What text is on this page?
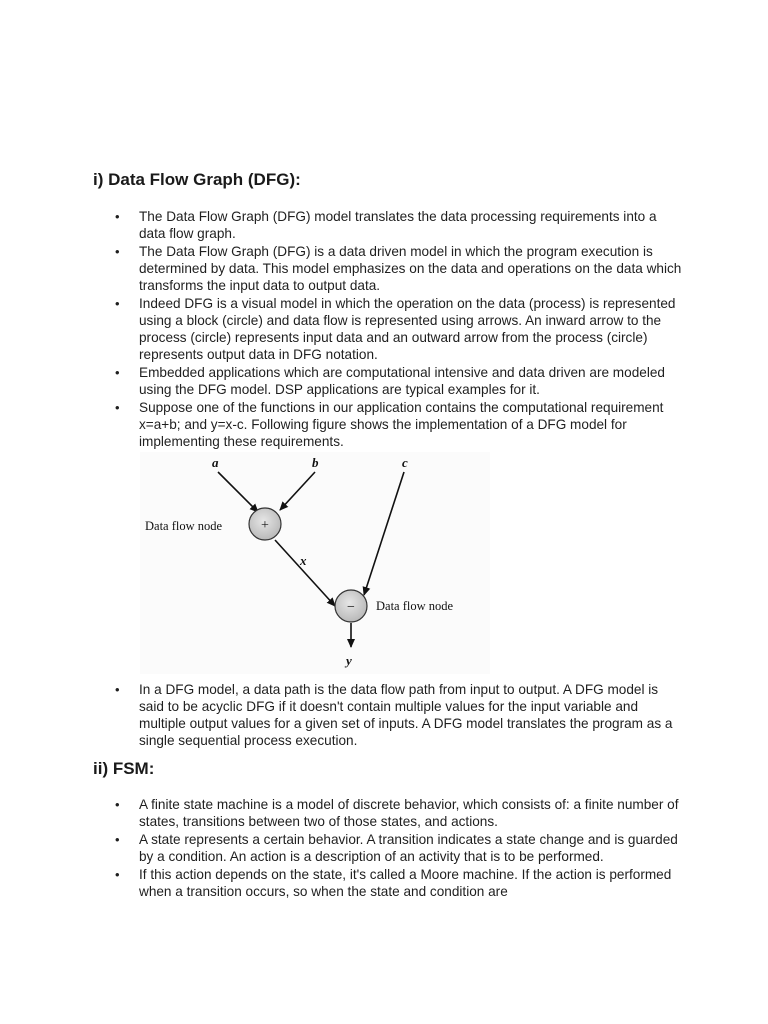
i) Data Flow Graph (DFG):
• The Data Flow Graph (DFG) model translates the data processing requirements into a data flow graph.
• The Data Flow Graph (DFG) is a data driven model in which the program execution is determined by data. This model emphasizes on the data and operations on the data which transforms the input data to output data.
• Indeed DFG is a visual model in which the operation on the data (process) is represented using a block (circle) and data flow is represented using arrows. An inward arrow to the process (circle) represents input data and an outward arrow from the process (circle) represents output data in DFG notation.
• Embedded applications which are computational intensive and data driven are modeled using the DFG model. DSP applications are typical examples for it.
• Suppose one of the functions in our application contains the computational requirement x=a+b; and y=x-c. Following figure shows the implementation of a DFG model for implementing these requirements.
a	b	c
+
−
Data flow node
Data flow node
x
y
• In a DFG model, a data path is the data flow path from input to output. A DFG model is said to be acyclic DFG if it doesn't contain multiple values for the input variable and multiple output values for a given set of inputs. A DFG model translates the program as a single sequential process execution.
ii) FSM:
• A finite state machine is a model of discrete behavior, which consists of: a finite number of states, transitions between two of those states, and actions.
• A state represents a certain behavior. A transition indicates a state change and is guarded by a condition. An action is a description of an activity that is to be performed.
• If this action depends on the state, it's called a Moore machine. If the action is performed when a transition occurs, so when the state and condition are
